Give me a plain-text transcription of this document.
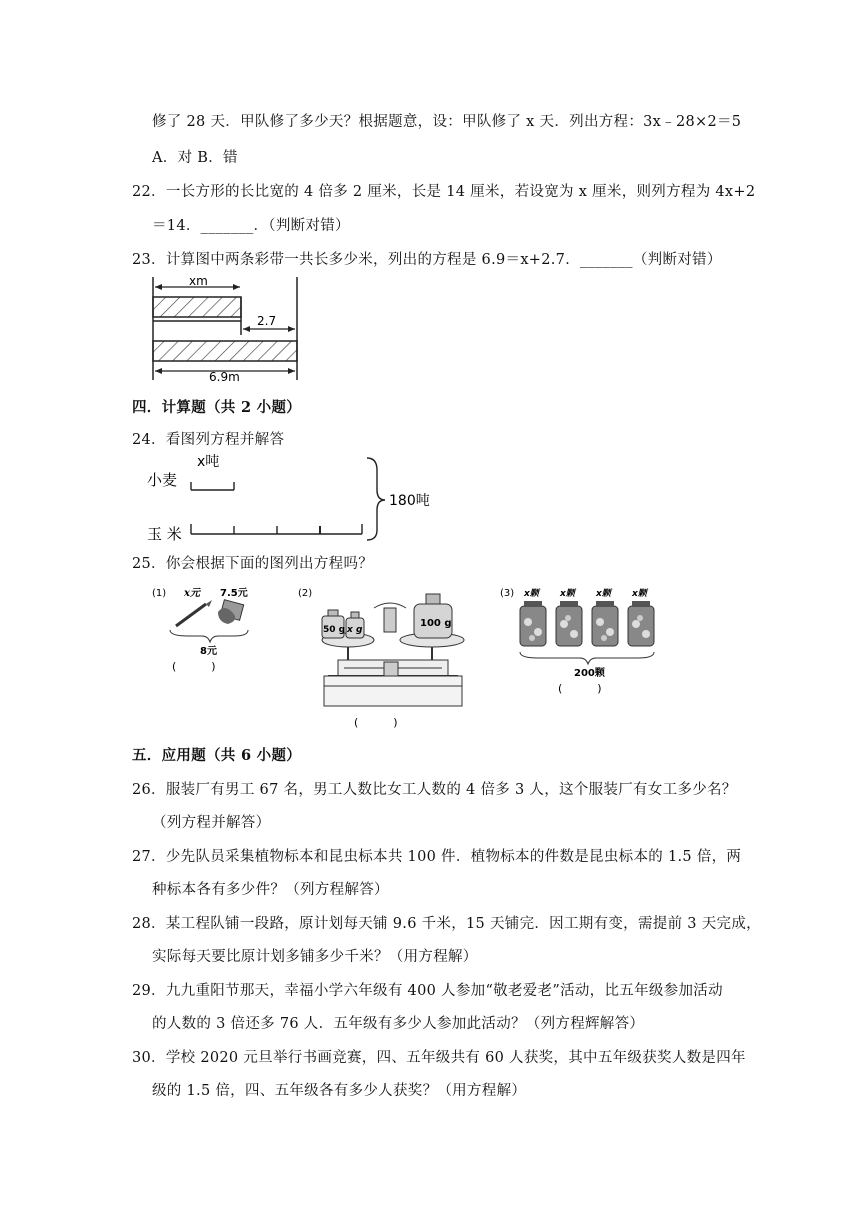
修了 28 天．甲队修了多少天？根据题意，设：甲队修了 x 天．列出方程：3x﹣28×2＝5
A．对 B．错
22．一长方形的长比宽的 4 倍多 2 厘米，长是 14 厘米，若设宽为 x 厘米，则列方程为 4x+2
＝14．_______．（判断对错）
23．计算图中两条彩带一共长多少米，列出的方程是 6.9＝x+2.7．_______（判断对错）
xm
2.7
6.9m
四．计算题（共 2 小题）
24．看图列方程并解答
小麦
x吨
玉 米
180吨
25．你会根据下面的图列出方程吗？
(1) x元 7.5元
8元
(          )
(2)
50 g x g
100 g
(          )
(3) x颗 x颗 x颗 x颗
200颗
(          )
五．应用题（共 6 小题）
26．服装厂有男工 67 名，男工人数比女工人数的 4 倍多 3 人，这个服装厂有女工多少名？
（列方程并解答）
27．少先队员采集植物标本和昆虫标本共 100 件．植物标本的件数是昆虫标本的 1.5 倍，两
种标本各有多少件？（列方程解答）
28．某工程队铺一段路，原计划每天铺 9.6 千米，15 天铺完．因工期有变，需提前 3 天完成，
实际每天要比原计划多铺多少千米？（用方程解）
29．九九重阳节那天，幸福小学六年级有 400 人参加“敬老爱老”活动，比五年级参加活动
的人数的 3 倍还多 76 人．五年级有多少人参加此活动？（列方程辉解答）
30．学校 2020 元旦举行书画竞赛，四、五年级共有 60 人获奖，其中五年级获奖人数是四年
级的 1.5 倍，四、五年级各有多少人获奖？（用方程解）
